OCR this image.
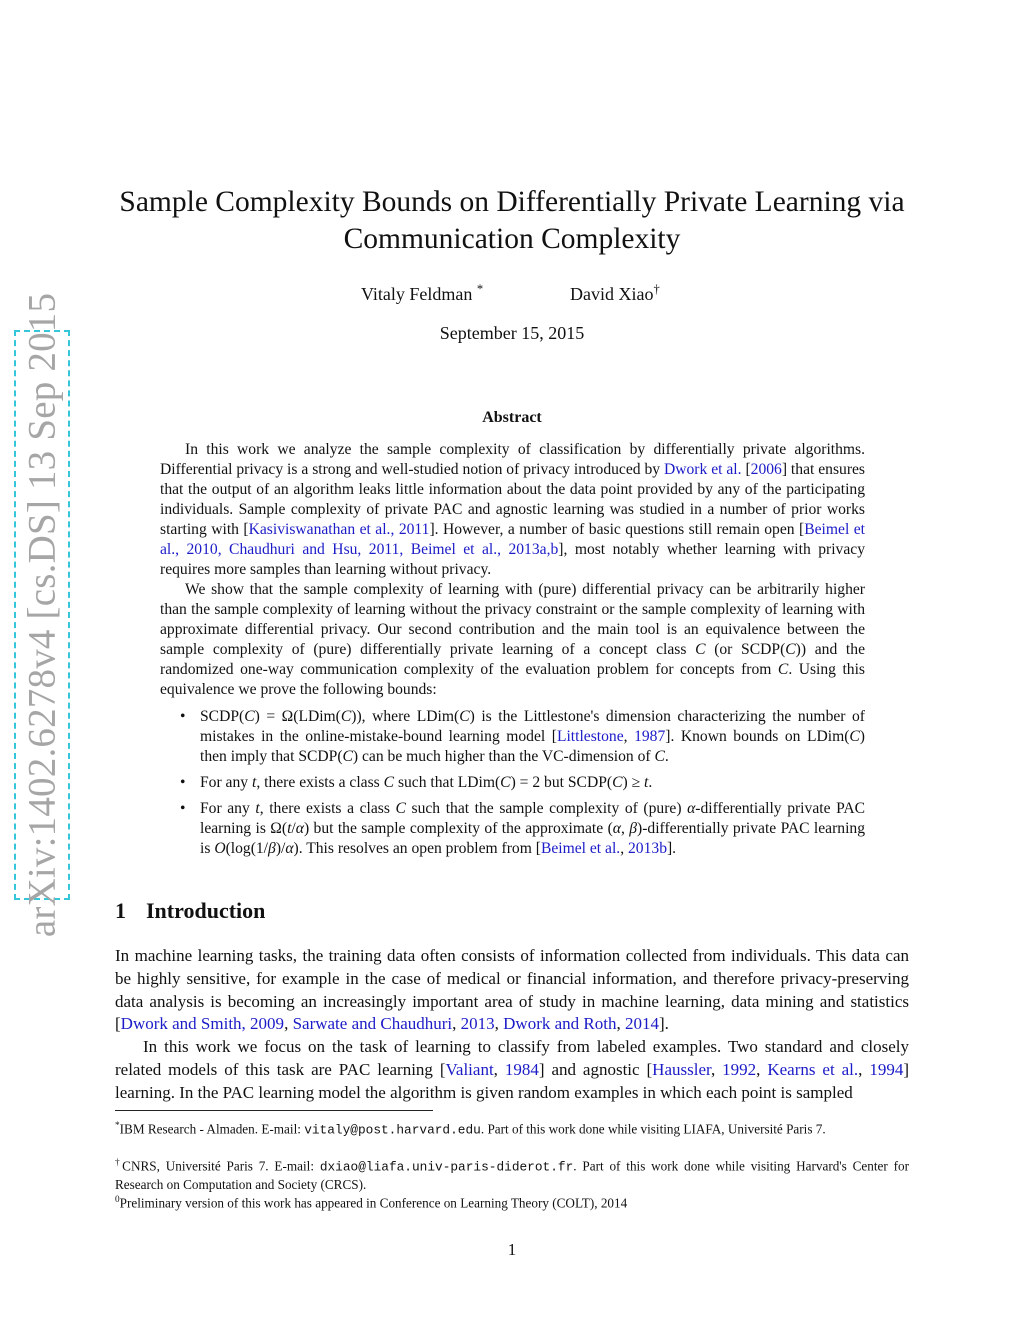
arXiv:1402.6278v4 [cs.DS] 13 Sep 2015
Sample Complexity Bounds on Differentially Private Learning via Communication Complexity
Vitaly Feldman *	David Xiao†
September 15, 2015
Abstract
In this work we analyze the sample complexity of classification by differentially private algorithms. Differential privacy is a strong and well-studied notion of privacy introduced by Dwork et al. [2006] that ensures that the output of an algorithm leaks little information about the data point provided by any of the participating individuals. Sample complexity of private PAC and agnostic learning was studied in a number of prior works starting with [Kasiviswanathan et al., 2011]. However, a number of basic questions still remain open [Beimel et al., 2010, Chaudhuri and Hsu, 2011, Beimel et al., 2013a,b], most notably whether learning with privacy requires more samples than learning without privacy.
We show that the sample complexity of learning with (pure) differential privacy can be arbitrarily higher than the sample complexity of learning without the privacy constraint or the sample complexity of learning with approximate differential privacy. Our second contribution and the main tool is an equivalence between the sample complexity of (pure) differentially private learning of a concept class C (or SCDP(C)) and the randomized one-way communication complexity of the evaluation problem for concepts from C. Using this equivalence we prove the following bounds:
• SCDP(C) = Ω(LDim(C)), where LDim(C) is the Littlestone's dimension characterizing the number of mistakes in the online-mistake-bound learning model [Littlestone, 1987]. Known bounds on LDim(C) then imply that SCDP(C) can be much higher than the VC-dimension of C.
• For any t, there exists a class C such that LDim(C) = 2 but SCDP(C) ≥ t.
• For any t, there exists a class C such that the sample complexity of (pure) α-differentially private PAC learning is Ω(t/α) but the sample complexity of the approximate (α, β)-differentially private PAC learning is O(log(1/β)/α). This resolves an open problem from [Beimel et al., 2013b].
1 Introduction
In machine learning tasks, the training data often consists of information collected from individuals. This data can be highly sensitive, for example in the case of medical or financial information, and therefore privacy-preserving data analysis is becoming an increasingly important area of study in machine learning, data mining and statistics [Dwork and Smith, 2009, Sarwate and Chaudhuri, 2013, Dwork and Roth, 2014].
In this work we focus on the task of learning to classify from labeled examples. Two standard and closely related models of this task are PAC learning [Valiant, 1984] and agnostic [Haussler, 1992, Kearns et al., 1994] learning. In the PAC learning model the algorithm is given random examples in which each point is sampled
*IBM Research - Almaden. E-mail: vitaly@post.harvard.edu. Part of this work done while visiting LIAFA, Université Paris 7.
†CNRS, Université Paris 7. E-mail: dxiao@liafa.univ-paris-diderot.fr. Part of this work done while visiting Harvard's Center for Research on Computation and Society (CRCS).
$^0$Preliminary version of this work has appeared in Conference on Learning Theory (COLT), 2014
1
